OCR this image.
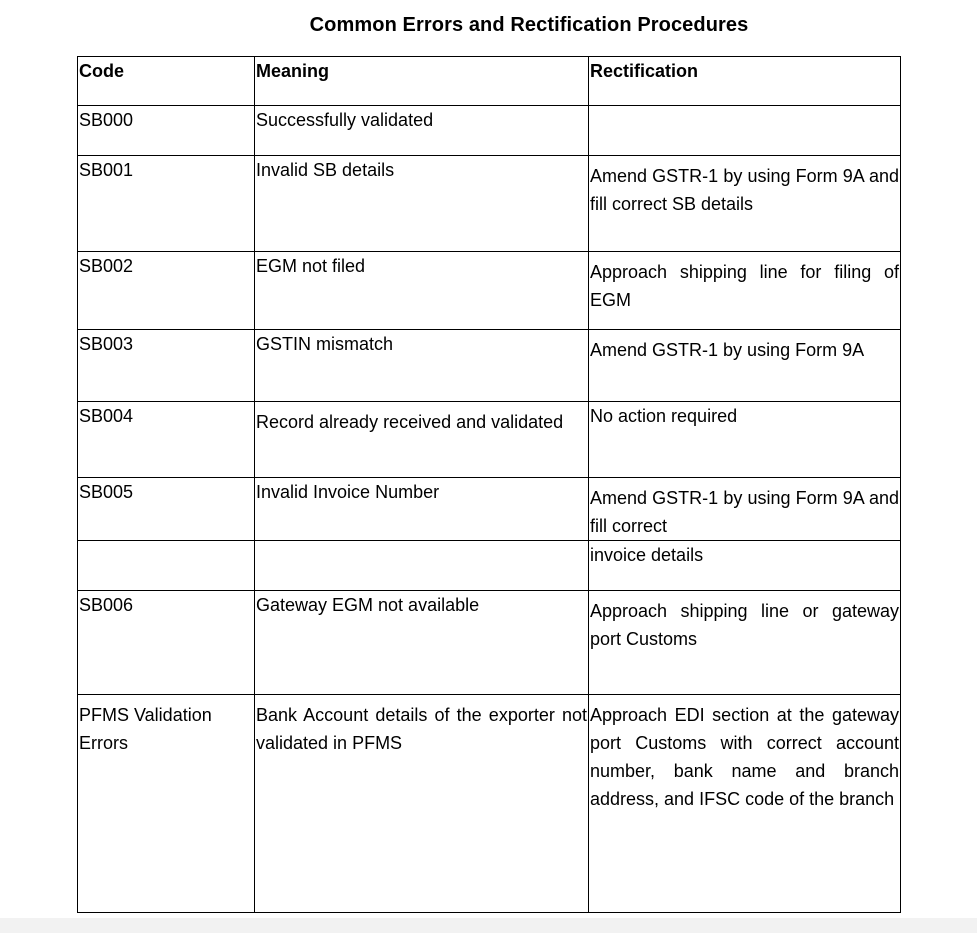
Common Errors and Rectification Procedures
Code	Meaning	Rectification
SB000	Successfully validated	
SB001	Invalid SB details	Amend GSTR-1 by using Form 9A and fill correct SB details
SB002	EGM not filed	Approach shipping line for filing of EGM
SB003	GSTIN mismatch	Amend GSTR-1 by using Form 9A
SB004	Record already received and validated	No action required
SB005	Invalid Invoice Number	Amend GSTR-1 by using Form 9A and fill correct
		invoice details
SB006	Gateway EGM not available	Approach shipping line or gateway port Customs
PFMS Validation Errors	Bank Account details of the exporter not validated in PFMS	Approach EDI section at the gateway port Customs with correct account number, bank name and branch address, and IFSC code of the branch
